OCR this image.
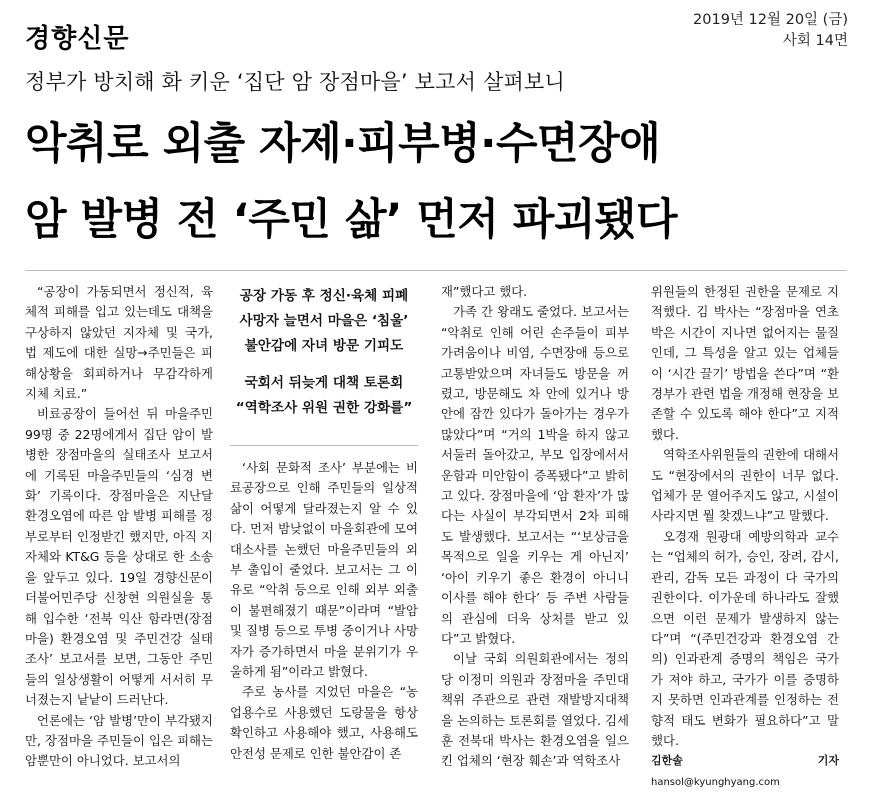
경향신문
2019년 12월 20일 (금)
사회 14면
정부가 방치해 화 키운 ‘집단 암 장점마을’ 보고서 살펴보니
악취로 외출 자제·피부병·수면장애
암 발병 전 ‘주민 삶’ 먼저 파괴됐다

“공장이 가동되면서 정신적, 육체적 피해를 입고 있는데도 대책을 구상하지 않았던 지자체 및 국가, 법 제도에 대한 실망→주민들은 피해상황을 회피하거나 무감각하게 지체 치료.”

비료공장이 들어선 뒤 마을주민 99명 중 22명에게서 집단 암이 발병한 장점마을의 실태조사 보고서에 기록된 마을주민들의 ‘심경 변화’ 기록이다. 장점마을은 지난달 환경오염에 따른 암 발병 피해를 정부로부터 인정받긴 했지만, 아직 지자체와 KT&G 등을 상대로 한 소송을 앞두고 있다. 19일 경향신문이 더불어민주당 신창현 의원실을 통해 입수한 ‘전북 익산 함라면(장점마을) 환경오염 및 주민건강 실태조사’ 보고서를 보면, 그동안 주민들의 일상생활이 어떻게 서서히 무너졌는지 낱낱이 드러난다.

언론에는 ‘암 발병’만이 부각됐지만, 장점마을 주민들이 입은 피해는 암뿐만이 아니었다. 보고서의

공장 가동 후 정신·육체 피폐
사망자 늘면서 마을은 ‘침울’
불안감에 자녀 방문 기피도
국회서 뒤늦게 대책 토론회
“역학조사 위원 권한 강화를”

‘사회 문화적 조사’ 부분에는 비료공장으로 인해 주민들의 일상적 삶이 어떻게 달라졌는지 알 수 있다. 먼저 밤낮없이 마을회관에 모여 대소사를 논했던 마을주민들의 외부 출입이 줄었다. 보고서는 그 이유로 “악취 등으로 인해 외부 외출이 불편해졌기 때문”이라며 “발암 및 질병 등으로 투병 중이거나 사망자가 증가하면서 마을 분위기가 우울하게 됨”이라고 밝혔다.

주로 농사를 지었던 마을은 “농업용수로 사용했던 도랑물을 항상 확인하고 사용해야 했고, 사용해도 안전성 문제로 인한 불안감이 존

재”했다고 했다.

가족 간 왕래도 줄었다. 보고서는 “악취로 인해 어린 손주들이 피부 가려움이나 비염, 수면장애 등으로 고통받았으며 자녀들도 방문을 꺼렸고, 방문해도 차 안에 있거나 방 안에 잠깐 있다가 돌아가는 경우가 많았다”며 “거의 1박을 하지 않고 서둘러 돌아갔고, 부모 입장에서서 운함과 미안함이 증폭됐다”고 밝히고 있다. 장점마을에 ‘암 환자’가 많다는 사실이 부각되면서 2차 피해도 발생했다. 보고서는 “‘보상금을 목적으로 일을 키우는 게 아닌지’ ‘아이 키우기 좋은 환경이 아니니 이사를 해야 한다’ 등 주변 사람들의 관심에 더욱 상처를 받고 있다”고 밝혔다.

이날 국회 의원회관에서는 정의당 이정미 의원과 장점마을 주민대책위 주관으로 관련 재발방지대책을 논의하는 토론회를 열었다. 김세훈 전북대 박사는 환경오염을 일으킨 업체의 ‘현장 훼손’과 역학조사

위원들의 한정된 권한을 문제로 지적했다. 김 박사는 “장점마을 연초박은 시간이 지나면 없어지는 물질인데, 그 특성을 알고 있는 업체들이 ‘시간 끌기’ 방법을 쓴다”며 “환경부가 관련 법을 개정해 현장을 보존할 수 있도록 해야 한다”고 지적했다.

역학조사위원들의 권한에 대해서도 “현장에서의 권한이 너무 없다. 업체가 문 열어주지도 않고, 시설이 사라지면 뭘 찾겠느냐”고 말했다.

오경재 원광대 예방의학과 교수는 “업체의 허가, 승인, 장려, 감시, 관리, 감독 모든 과정이 다 국가의 권한이다. 이가운데 하나라도 잘했으면 이런 문제가 발생하지 않는다”며 “(주민건강과 환경오염 간의) 인과관계 증명의 책임은 국가가 져야 하고, 국가가 이를 증명하지 못하면 인과관계를 인정하는 전향적 태도 변화가 필요하다”고 말했다.

김한솔 기자 hansol@kyunghyang.com
